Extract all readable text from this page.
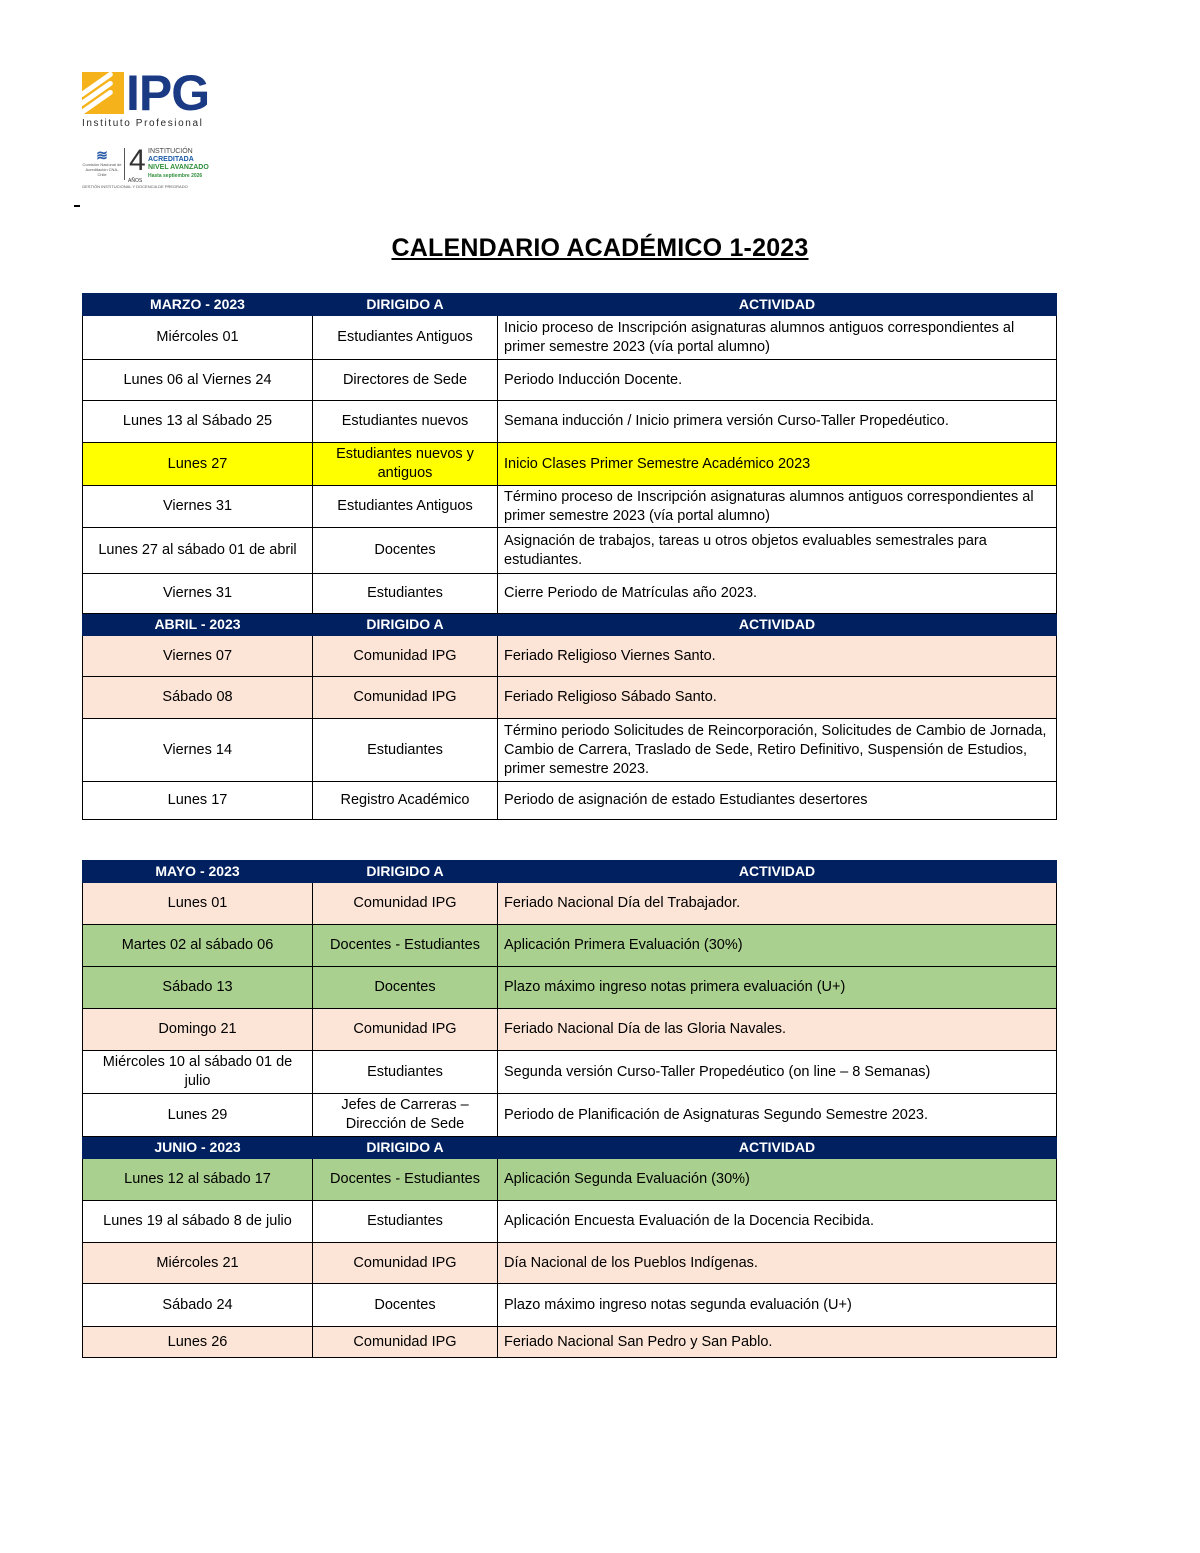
IPG
Instituto Profesional
≋
Comisión Nacional de Acreditación CNA-Chile 4
AÑOS
INSTITUCIÓN
ACREDITADA
NIVEL AVANZADO
Hasta septiembre 2026
GESTIÓN INSTITUCIONAL Y DOCENCIA DE PREGRADO
CALENDARIO ACADÉMICO 1-2023
MARZO - 2023	DIRIGIDO A	ACTIVIDAD
Miércoles 01	Estudiantes Antiguos	Inicio proceso de Inscripción asignaturas alumnos antiguos correspondientes al primer semestre 2023 (vía portal alumno)
Lunes 06 al Viernes 24	Directores de Sede	Periodo Inducción Docente.
Lunes 13 al Sábado 25	Estudiantes nuevos	Semana inducción / Inicio primera versión Curso-Taller Propedéutico.
Lunes 27	Estudiantes nuevos y antiguos	Inicio Clases Primer Semestre Académico 2023
Viernes 31	Estudiantes Antiguos	Término proceso de Inscripción asignaturas alumnos antiguos correspondientes al primer semestre 2023 (vía portal alumno)
Lunes 27 al sábado 01 de abril	Docentes	Asignación de trabajos, tareas u otros objetos evaluables semestrales para estudiantes.
Viernes 31	Estudiantes	Cierre Periodo de Matrículas año 2023.
ABRIL - 2023	DIRIGIDO A	ACTIVIDAD
Viernes 07	Comunidad IPG	Feriado Religioso Viernes Santo.
Sábado 08	Comunidad IPG	Feriado Religioso Sábado Santo.
Viernes 14	Estudiantes	Término periodo Solicitudes de Reincorporación, Solicitudes de Cambio de Jornada, Cambio de Carrera, Traslado de Sede, Retiro Definitivo, Suspensión de Estudios, primer semestre 2023.
Lunes 17	Registro Académico	Periodo de asignación de estado Estudiantes desertores
MAYO - 2023	DIRIGIDO A	ACTIVIDAD
Lunes 01	Comunidad IPG	Feriado Nacional Día del Trabajador.
Martes 02 al sábado 06	Docentes - Estudiantes	Aplicación Primera Evaluación (30%)
Sábado 13	Docentes	Plazo máximo ingreso notas primera evaluación (U+)
Domingo 21	Comunidad IPG	Feriado Nacional Día de las Gloria Navales.
Miércoles 10 al sábado 01 de julio	Estudiantes	Segunda versión Curso-Taller Propedéutico (on line – 8 Semanas)
Lunes 29	Jefes de Carreras – Dirección de Sede	Periodo de Planificación de Asignaturas Segundo Semestre 2023.
JUNIO - 2023	DIRIGIDO A	ACTIVIDAD
Lunes 12 al sábado 17	Docentes - Estudiantes	Aplicación Segunda Evaluación (30%)
Lunes 19 al sábado 8 de julio	Estudiantes	Aplicación Encuesta Evaluación de la Docencia Recibida.
Miércoles 21	Comunidad IPG	Día Nacional de los Pueblos Indígenas.
Sábado 24	Docentes	Plazo máximo ingreso notas segunda evaluación (U+)
Lunes 26	Comunidad IPG	Feriado Nacional San Pedro y San Pablo.
